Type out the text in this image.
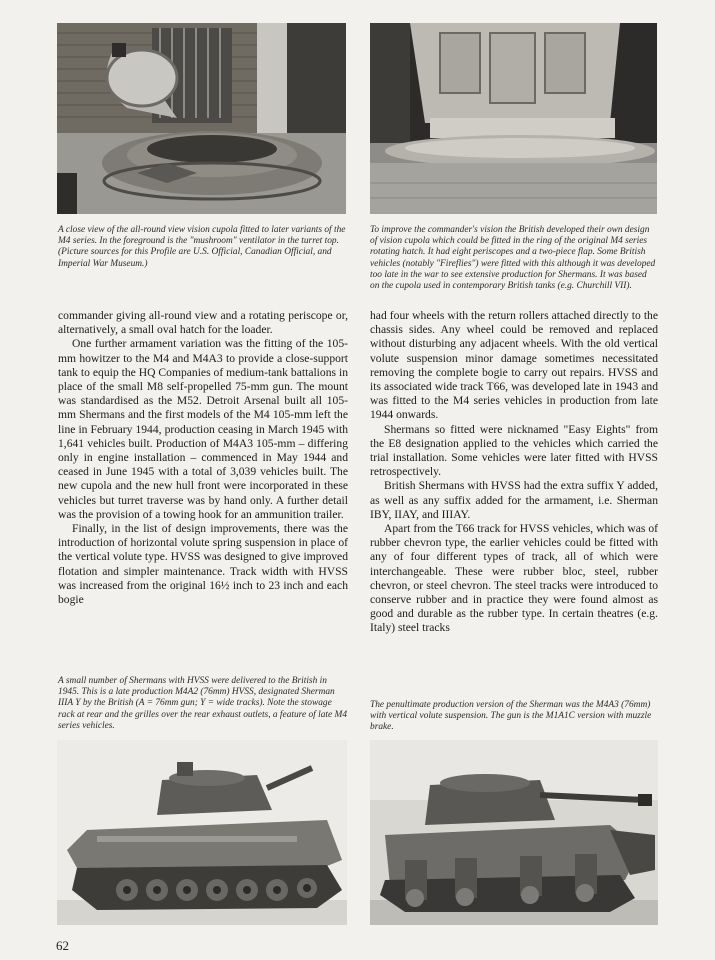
A close view of the all-round view vision cupola fitted to later variants of the M4 series. In the foreground is the "mushroom" ventilator in the turret top. (Picture sources for this Profile are U.S. Official, Canadian Official, and Imperial War Museum.)
To improve the commander's vision the British developed their own design of vision cupola which could be fitted in the ring of the original M4 series rotating hatch. It had eight periscopes and a two-piece flap. Some British vehicles (notably "Fireflies") were fitted with this although it was developed too late in the war to see extensive production for Shermans. It was based on the cupola used in contemporary British tanks (e.g. Churchill VII).

commander giving all-round view and a rotating periscope or, alternatively, a small oval hatch for the loader.

One further armament variation was the fitting of the 105-mm howitzer to the M4 and M4A3 to provide a close-support tank to equip the HQ Companies of medium-tank battalions in place of the small M8 self-propelled 75-mm gun. The mount was standardised as the M52. Detroit Arsenal built all 105-mm Shermans and the first models of the M4 105-mm left the line in February 1944, production ceasing in March 1945 with 1,641 vehicles built. Production of M4A3 105-mm – differing only in engine installation – commenced in May 1944 and ceased in June 1945 with a total of 3,039 vehicles built. The new cupola and the new hull front were incorporated in these vehicles but turret traverse was by hand only. A further detail was the provision of a towing hook for an ammunition trailer.

Finally, in the list of design improvements, there was the introduction of horizontal volute spring suspension in place of the vertical volute type. HVSS was designed to give improved flotation and simpler maintenance. Track width with HVSS was increased from the original 16½ inch to 23 inch and each bogie

had four wheels with the return rollers attached directly to the chassis sides. Any wheel could be removed and replaced without disturbing any adjacent wheels. With the old vertical volute suspension minor damage sometimes necessitated removing the complete bogie to carry out repairs. HVSS and its associated wide track T66, was developed late in 1943 and was fitted to the M4 series vehicles in production from late 1944 onwards.

Shermans so fitted were nicknamed "Easy Eights" from the E8 designation applied to the vehicles which carried the trial installation. Some vehicles were later fitted with HVSS retrospectively.

British Shermans with HVSS had the extra suffix Y added, as well as any suffix added for the armament, i.e. Sherman IBY, IIAY, and IIIAY.

Apart from the T66 track for HVSS vehicles, which was of rubber chevron type, the earlier vehicles could be fitted with any of four different types of track, all of which were interchangeable. These were rubber bloc, steel, rubber chevron, or steel chevron. The steel tracks were introduced to conserve rubber and in practice they were found almost as good and durable as the rubber type. In certain theatres (e.g. Italy) steel tracks

A small number of Shermans with HVSS were delivered to the British in 1945. This is a late production M4A2 (76mm) HVSS, designated Sherman IIIA Y by the British (A = 76mm gun; Y = wide tracks). Note the stowage rack at rear and the grilles over the rear exhaust outlets, a feature of late M4 series vehicles.
The penultimate production version of the Sherman was the M4A3 (76mm) with vertical volute suspension. The gun is the M1A1C version with muzzle brake.
62
